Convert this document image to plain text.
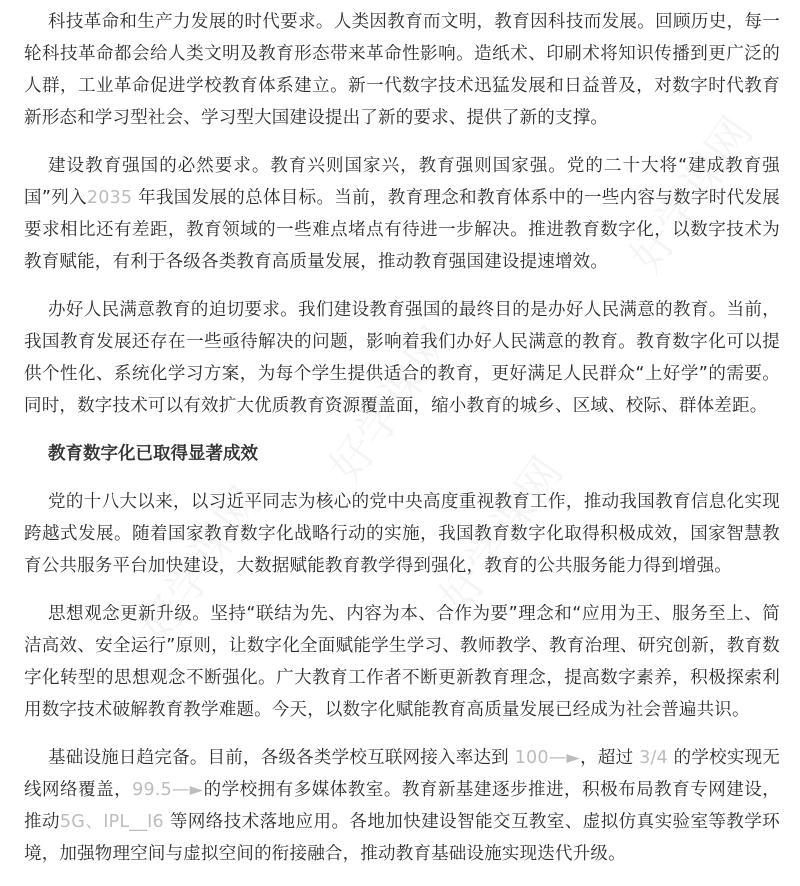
科技革命和生产力发展的时代要求。人类因教育而文明，教育因科技而发展。回顾历史，每一轮科技革命都会给人类文明及教育形态带来革命性影响。造纸术、印刷术将知识传播到更广泛的人群，工业革命促进学校教育体系建立。新一代数字技术迅猛发展和日益普及，对数字时代教育新形态和学习型社会、学习型大国建设提出了新的要求、提供了新的支撑。

建设教育强国的必然要求。教育兴则国家兴，教育强则国家强。党的二十大将“建成教育强国”列入2035 年我国发展的总体目标。当前，教育理念和教育体系中的一些内容与数字时代发展要求相比还有差距，教育领域的一些难点堵点有待进一步解决。推进教育数字化，以数字技术为教育赋能，有利于各级各类教育高质量发展，推动教育强国建设提速增效。

办好人民满意教育的迫切要求。我们建设教育强国的最终目的是办好人民满意的教育。当前，我国教育发展还存在一些亟待解决的问题，影响着我们办好人民满意的教育。教育数字化可以提供个性化、系统化学习方案，为每个学生提供适合的教育，更好满足人民群众“上好学”的需要。同时，数字技术可以有效扩大优质教育资源覆盖面，缩小教育的城乡、区域、校际、群体差距。

教育数字化已取得显著成效

党的十八大以来，以习近平同志为核心的党中央高度重视教育工作，推动我国教育信息化实现跨越式发展。随着国家教育数字化战略行动的实施，我国教育数字化取得积极成效，国家智慧教育公共服务平台加快建设，大数据赋能教育教学得到强化，教育的公共服务能力得到增强。

思想观念更新升级。坚持“联结为先、内容为本、合作为要”理念和“应用为王、服务至上、简洁高效、安全运行”原则，让数字化全面赋能学生学习、教师教学、教育治理、研究创新，教育数字化转型的思想观念不断强化。广大教育工作者不断更新教育理念，提高数字素养，积极探索利用数字技术破解教育教学难题。今天，以数字化赋能教育高质量发展已经成为社会普遍共识。

基础设施日趋完备。目前，各级各类学校互联网接入率达到 100—►，超过 3/4 的学校实现无线网络覆盖，99.5—►的学校拥有多媒体教室。教育新基建逐步推进，积极布局教育专网建设，推动5G、IPL__I6 等网络技术落地应用。各地加快建设智能交互教室、虚拟仿真实验室等教学环境，加强物理空间与虚拟空间的衔接融合，推动教育基础设施实现迭代升级。
